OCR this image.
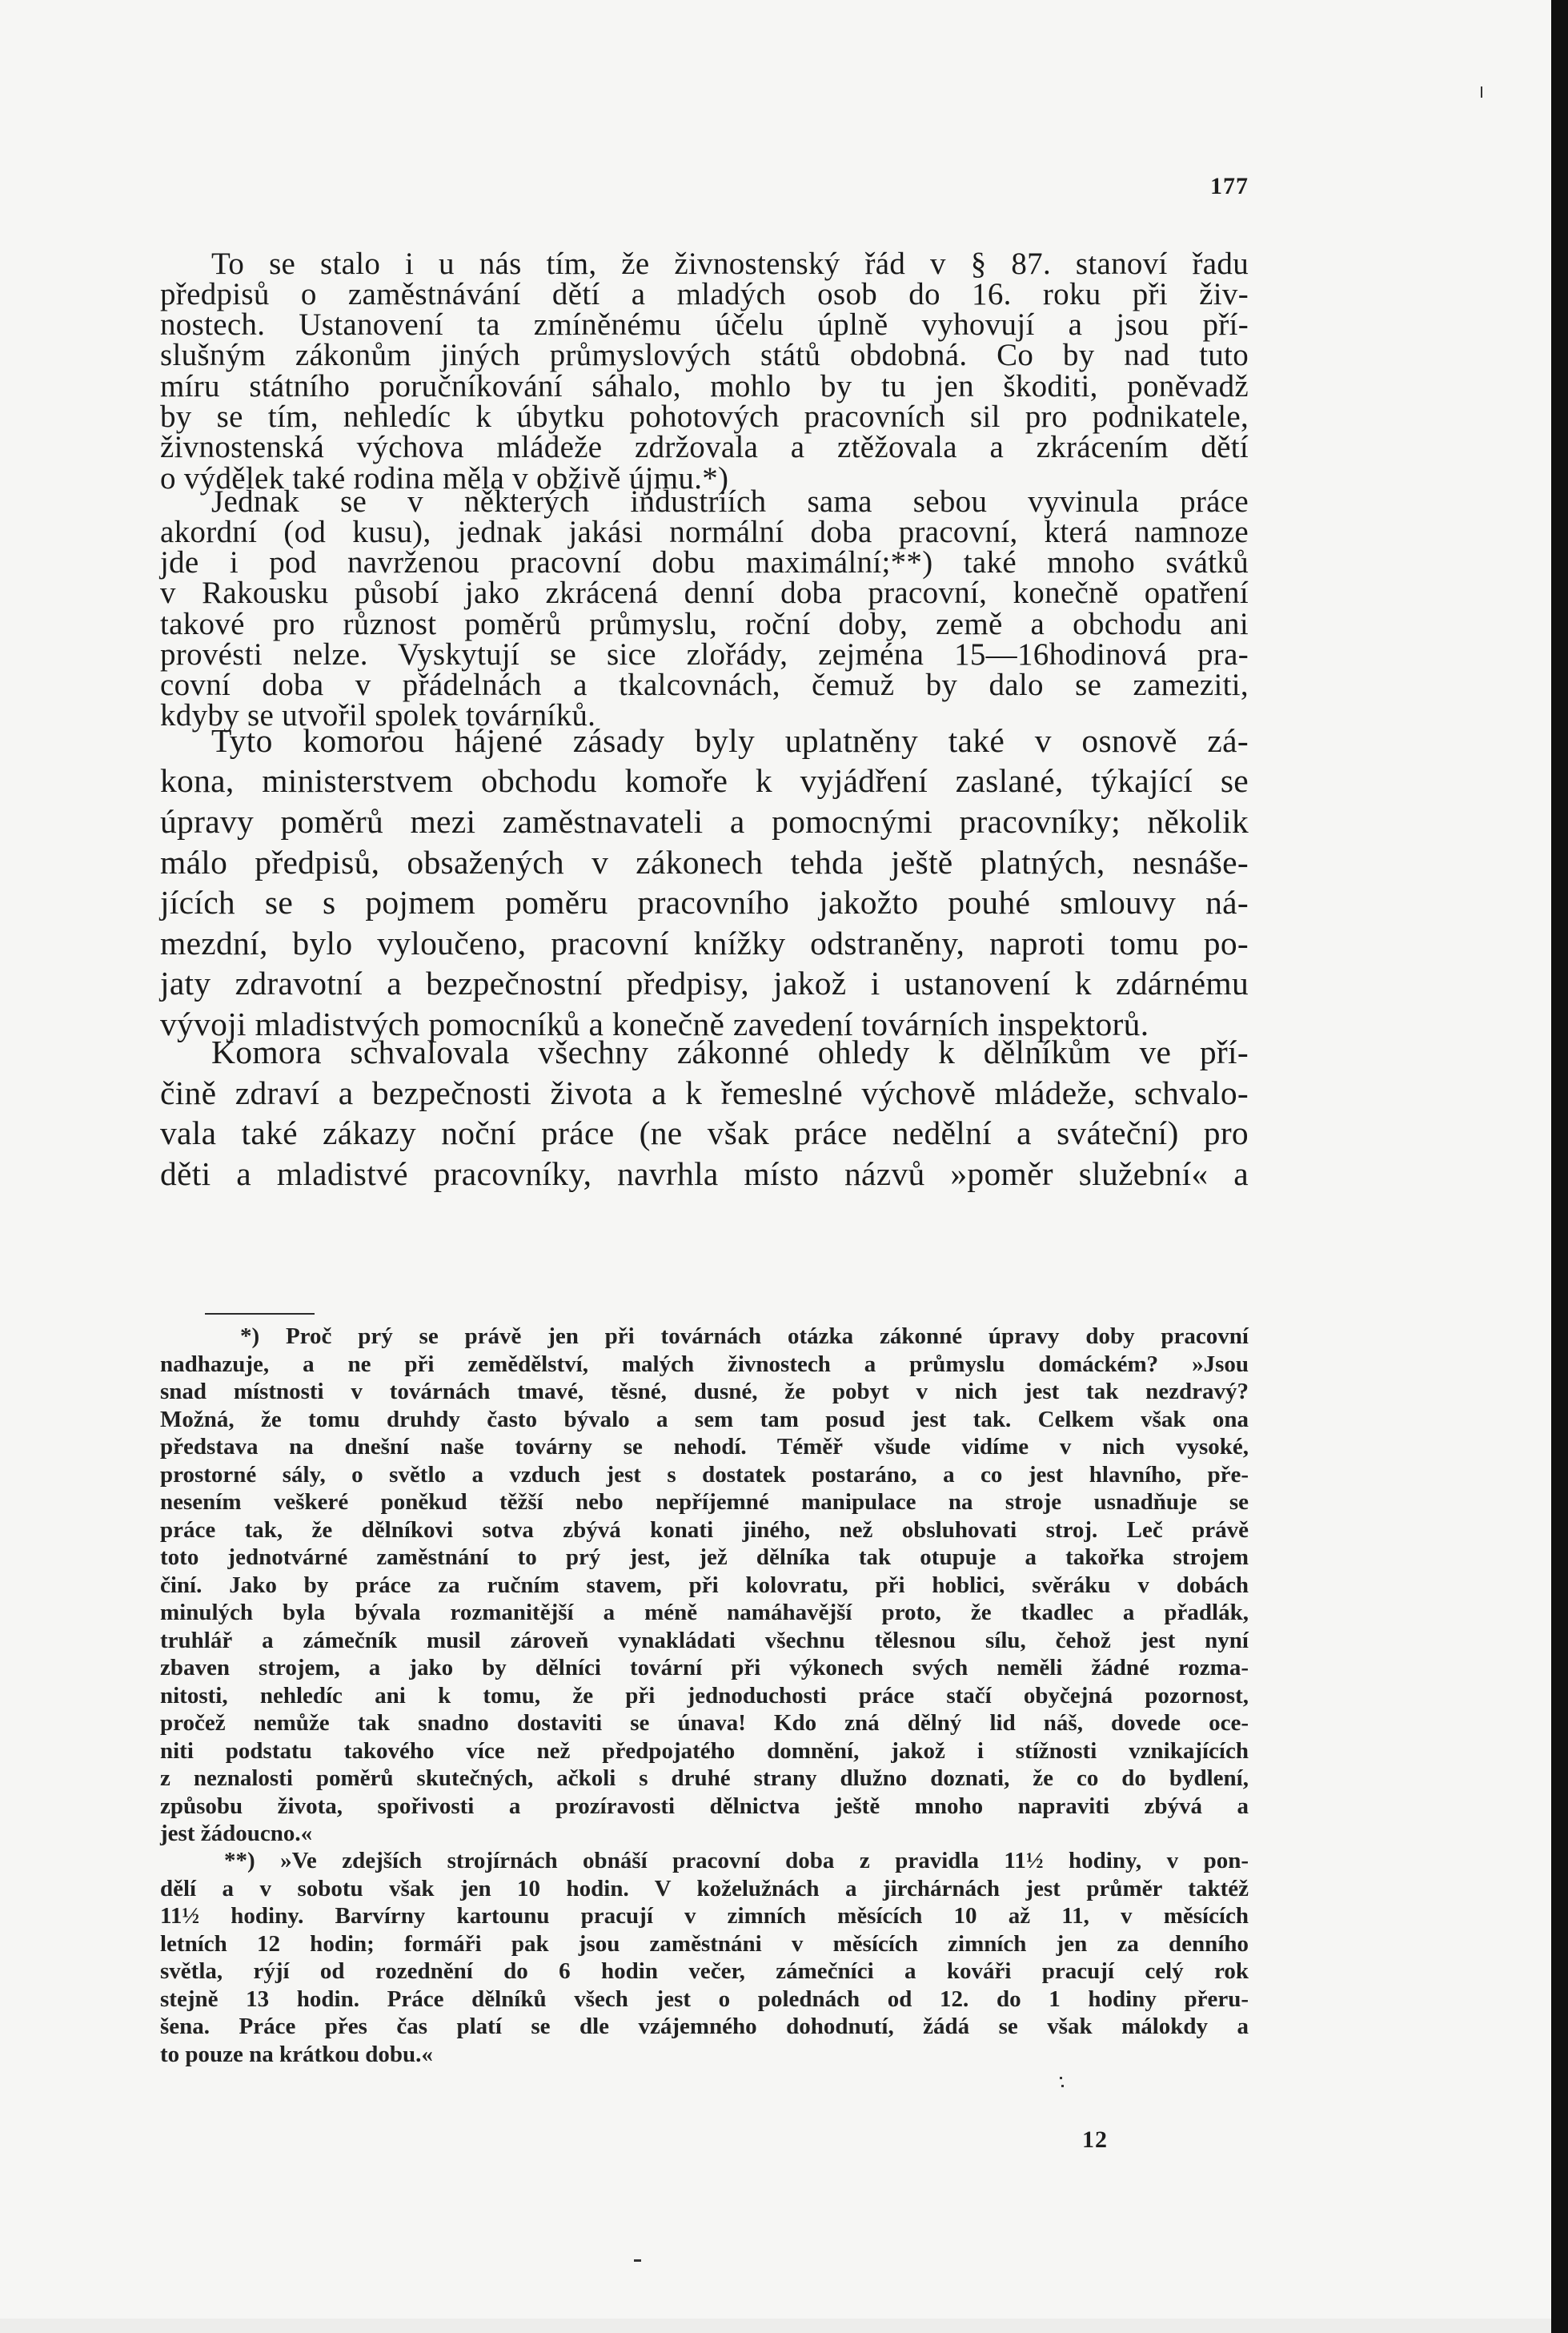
177
To se stalo i u nás tím, že živnostenský řád v § 87. stanoví řadu
předpisů o zaměstnávání dětí a mladých osob do 16. roku při živ-
nostech. Ustanovení ta zmíněnému účelu úplně vyhovují a jsou pří-
slušným zákonům jiných průmyslových států obdobná. Co by nad tuto
míru státního poručníkování sáhalo, mohlo by tu jen škoditi, poněvadž
by se tím, nehledíc k úbytku pohotových pracovních sil pro podnikatele,
živnostenská výchova mládeže zdržovala a ztěžovala a zkrácením dětí
o výdělek také rodina měla v obživě újmu.*)
Jednak se v některých industriích sama sebou vyvinula práce
akordní (od kusu), jednak jakási normální doba pracovní, která namnoze
jde i pod navrženou pracovní dobu maximální;**) také mnoho svátků
v Rakousku působí jako zkrácená denní doba pracovní, konečně opatření
takové pro různost poměrů průmyslu, roční doby, země a obchodu ani
provésti nelze. Vyskytují se sice zlořády, zejména 15—16hodinová pra-
covní doba v přádelnách a tkalcovnách, čemuž by dalo se zameziti,
kdyby se utvořil spolek továrníků.
Tyto komorou hájené zásady byly uplatněny také v osnově zá-
kona, ministerstvem obchodu komoře k vyjádření zaslané, týkající se
úpravy poměrů mezi zaměstnavateli a pomocnými pracovníky; několik
málo předpisů, obsažených v zákonech tehda ještě platných, nesnáše-
jících se s pojmem poměru pracovního jakožto pouhé smlouvy ná-
mezdní, bylo vyloučeno, pracovní knížky odstraněny, naproti tomu po-
jaty zdravotní a bezpečnostní předpisy, jakož i ustanovení k zdárnému
vývoji mladistvých pomocníků a konečně zavedení továrních inspektorů.
Komora schvalovala všechny zákonné ohledy k dělníkům ve pří-
čině zdraví a bezpečnosti života a k řemeslné výchově mládeže, schvalo-
vala také zákazy noční práce (ne však práce nedělní a sváteční) pro
děti a mladistvé pracovníky, navrhla místo názvů »poměr služební« a
*) Proč prý se právě jen při továrnách otázka zákonné úpravy doby pracovní
nadhazuje, a ne při zemědělství, malých živnostech a průmyslu domáckém? »Jsou
snad místnosti v továrnách tmavé, těsné, dusné, že pobyt v nich jest tak nezdravý?
Možná, že tomu druhdy často bývalo a sem tam posud jest tak. Celkem však ona
představa na dnešní naše továrny se nehodí. Téměř všude vidíme v nich vysoké,
prostorné sály, o světlo a vzduch jest s dostatek postaráno, a co jest hlavního, pře-
nesením veškeré poněkud těžší nebo nepříjemné manipulace na stroje usnadňuje se
práce tak, že dělníkovi sotva zbývá konati jiného, než obsluhovati stroj. Leč právě
toto jednotvárné zaměstnání to prý jest, jež dělníka tak otupuje a takořka strojem
činí. Jako by práce za ručním stavem, při kolovratu, při hoblici, svěráku v dobách
minulých byla bývala rozmanitější a méně namáhavější proto, že tkadlec a přadlák,
truhlář a zámečník musil zároveň vynakládati všechnu tělesnou sílu, čehož jest nyní
zbaven strojem, a jako by dělníci tovární při výkonech svých neměli žádné rozma-
nitosti, nehledíc ani k tomu, že při jednoduchosti práce stačí obyčejná pozornost,
pročež nemůže tak snadno dostaviti se únava! Kdo zná dělný lid náš, dovede oce-
niti podstatu takového více než předpojatého domnění, jakož i stížnosti vznikajících
z neznalosti poměrů skutečných, ačkoli s druhé strany dlužno doznati, že co do bydlení,
způsobu života, spořivosti a prozíravosti dělnictva ještě mnoho napraviti zbývá a
jest žádoucno.«
**) »Ve zdejších strojírnách obnáší pracovní doba z pravidla 11½ hodiny, v pon-
dělí a v sobotu však jen 10 hodin. V koželužnách a jirchárnách jest průměr taktéž
11½ hodiny. Barvírny kartounu pracují v zimních měsících 10 až 11, v měsících
letních 12 hodin; formáři pak jsou zaměstnáni v měsících zimních jen za denního
světla, rýjí od rozednění do 6 hodin večer, zámečníci a kováři pracují celý rok
stejně 13 hodin. Práce dělníků všech jest o polednách od 12. do 1 hodiny přeru-
šena. Práce přes čas platí se dle vzájemného dohodnutí, žádá se však málokdy a
to pouze na krátkou dobu.«
12
